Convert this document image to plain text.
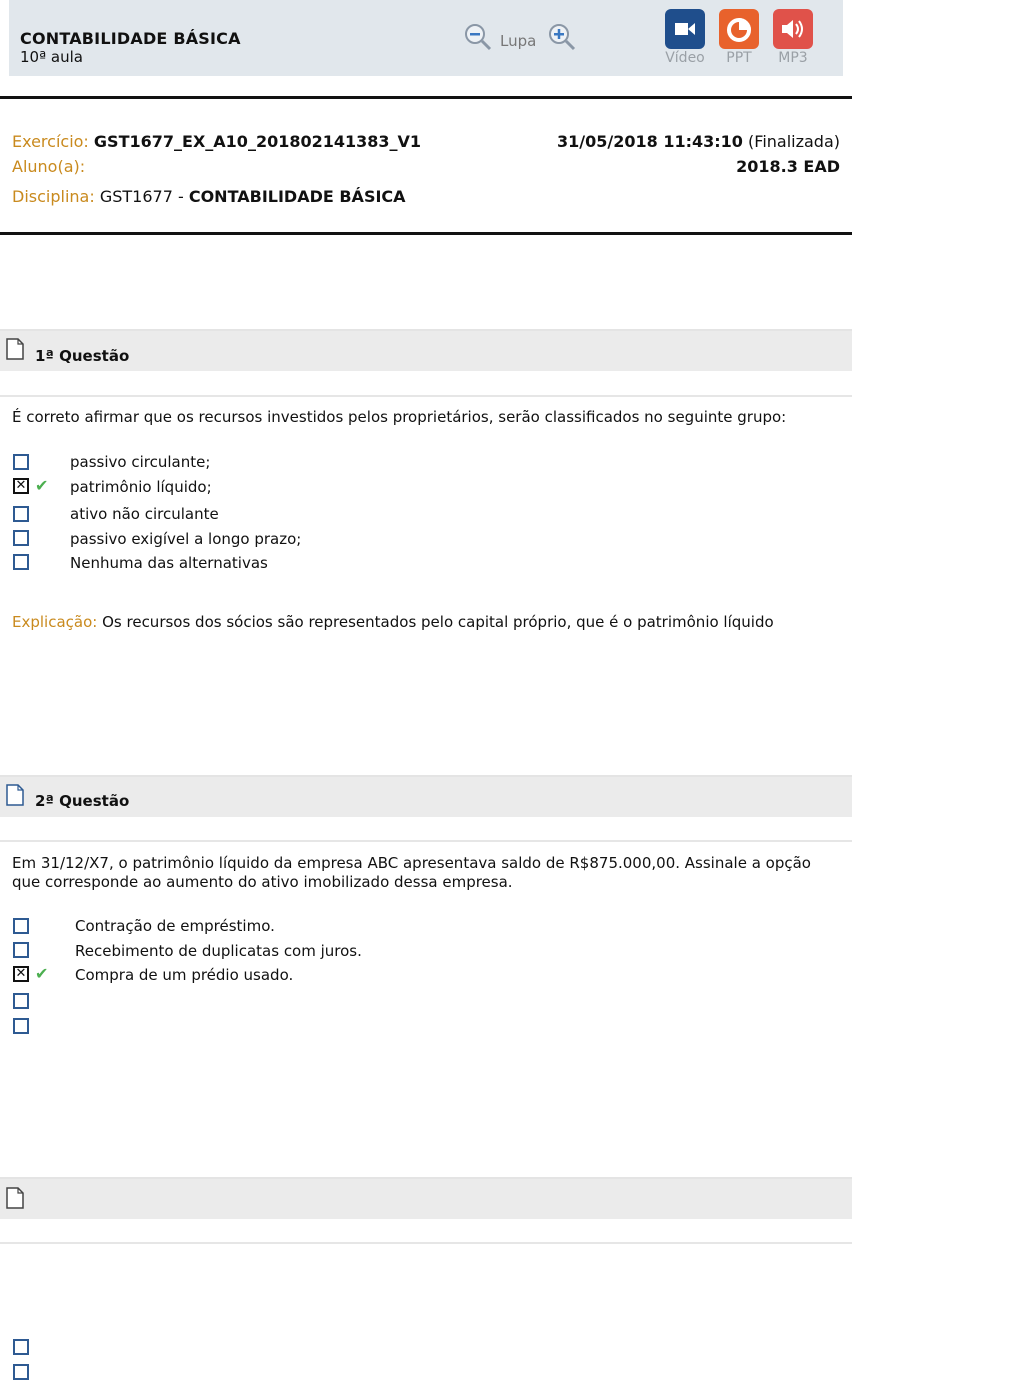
CONTABILIDADE BÁSICA
10ª aula
Lupa
Vídeo	PPT	MP3
Exercício: GST1677_EX_A10_201802141383_V1
Aluno(a):
Disciplina: GST1677 - CONTABILIDADE BÁSICA
31/05/2018 11:43:10 (Finalizada)
2018.3 EAD
1ª Questão
É correto afirmar que os recursos investidos pelos proprietários, serão classificados no seguinte grupo:
passivo circulante;
✕ ✔ patrimônio líquido;
ativo não circulante
passivo exigível a longo prazo;
Nenhuma das alternativas
Explicação: Os recursos dos sócios são representados pelo capital próprio, que é o patrimônio líquido
2ª Questão
Em 31/12/X7, o patrimônio líquido da empresa ABC apresentava saldo de R$875.000,00. Assinale a opção
que corresponde ao aumento do ativo imobilizado dessa empresa.
Contração de empréstimo.
Recebimento de duplicatas com juros.
✕ ✔ Compra de um prédio usado.
